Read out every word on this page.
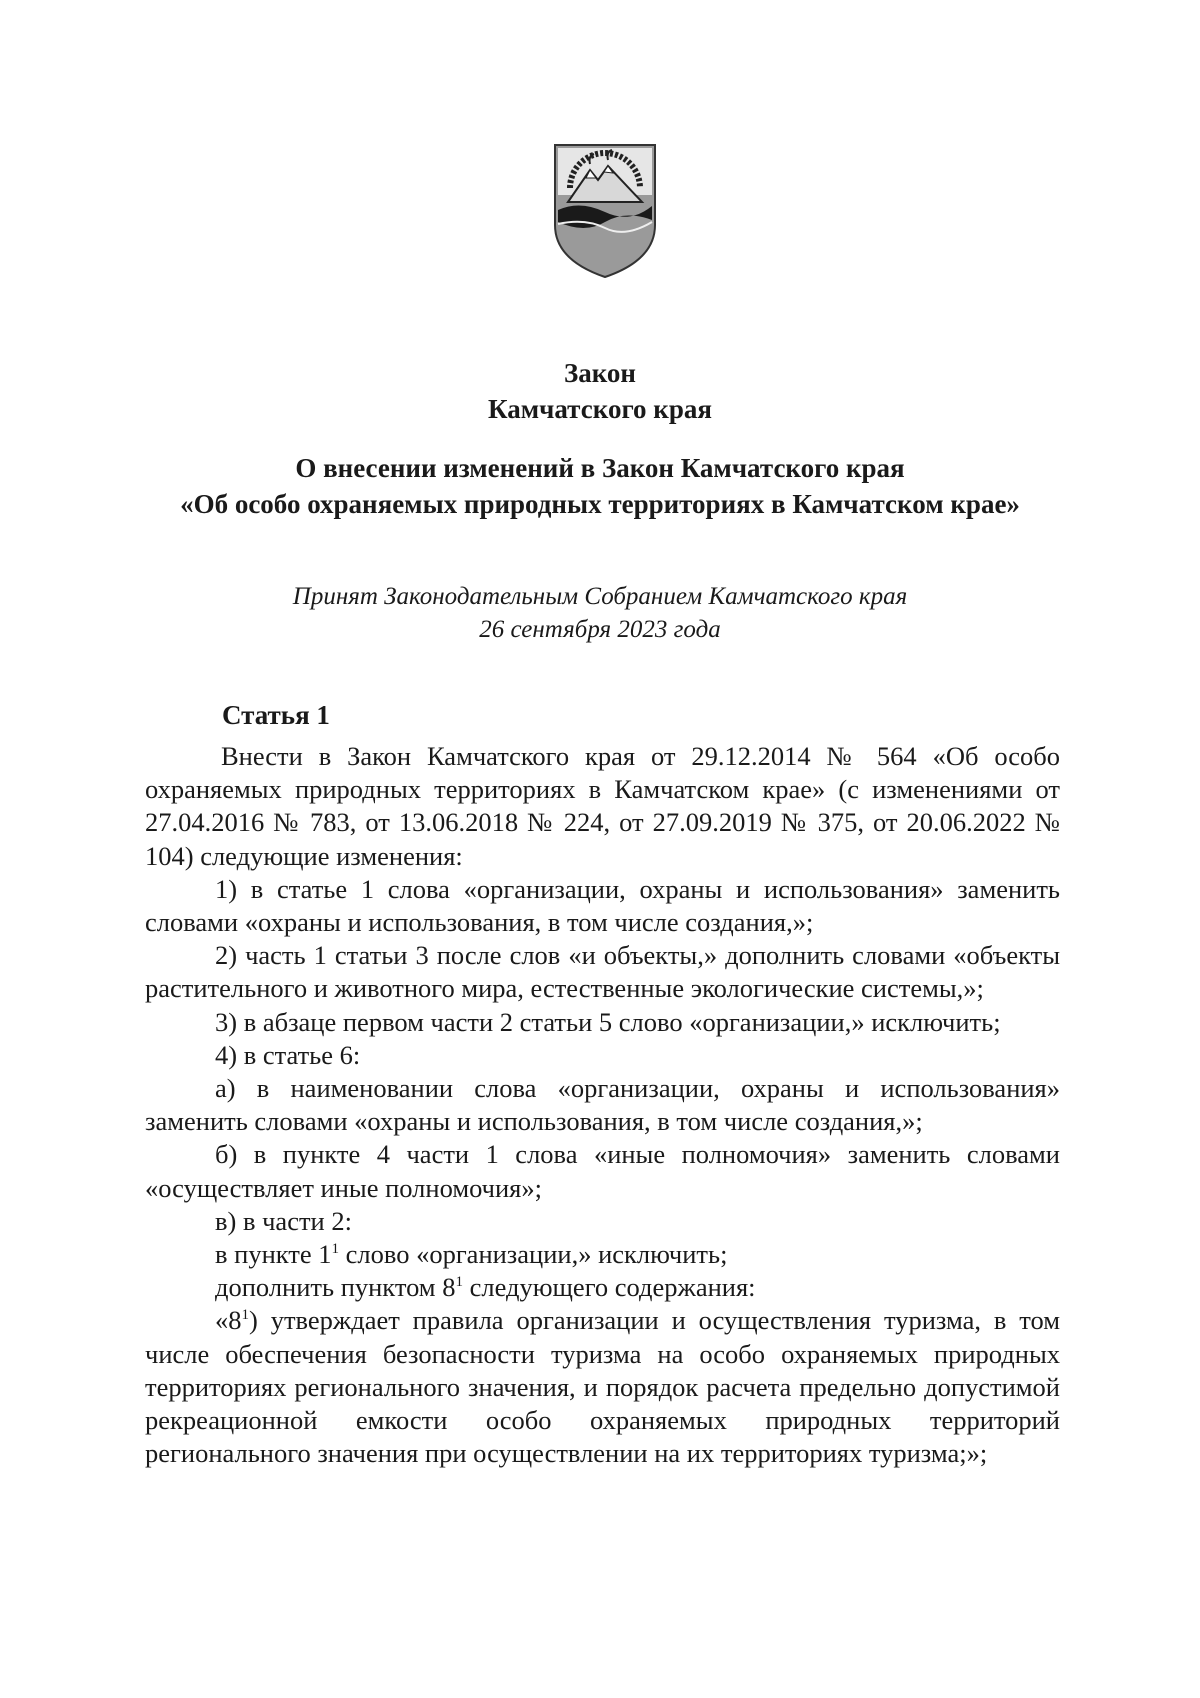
Закон
Камчатского края
О внесении изменений в Закон Камчатского края
«Об особо охраняемых природных территориях в Камчатском крае»
Принят Законодательным Собранием Камчатского края
26 сентября 2023 года
Статья 1

Внести в Закон Камчатского края от 29.12.2014 № 564 «Об особо охраняемых природных территориях в Камчатском крае» (с изменениями от 27.04.2016 № 783, от 13.06.2018 № 224, от 27.09.2019 № 375, от 20.06.2022 № 104) следующие изменения:

1) в статье 1 слова «организации, охраны и использования» заменить словами «охраны и использования, в том числе создания,»;

2) часть 1 статьи 3 после слов «и объекты,» дополнить словами «объекты растительного и животного мира, естественные экологические системы,»;

3) в абзаце первом части 2 статьи 5 слово «организации,» исключить;

4) в статье 6:

а) в наименовании слова «организации, охраны и использования» заменить словами «охраны и использования, в том числе создания,»;

б) в пункте 4 части 1 слова «иные полномочия» заменить словами «осуществляет иные полномочия»;

в) в части 2:

в пункте $1^1$ слово «организации,» исключить;

дополнить пунктом $8^1$ следующего содержания:

«$8^1$) утверждает правила организации и осуществления туризма, в том числе обеспечения безопасности туризма на особо охраняемых природных территориях регионального значения, и порядок расчета предельно допустимой рекреационной емкости особо охраняемых природных территорий регионального значения при осуществлении на их территориях туризма;»;
